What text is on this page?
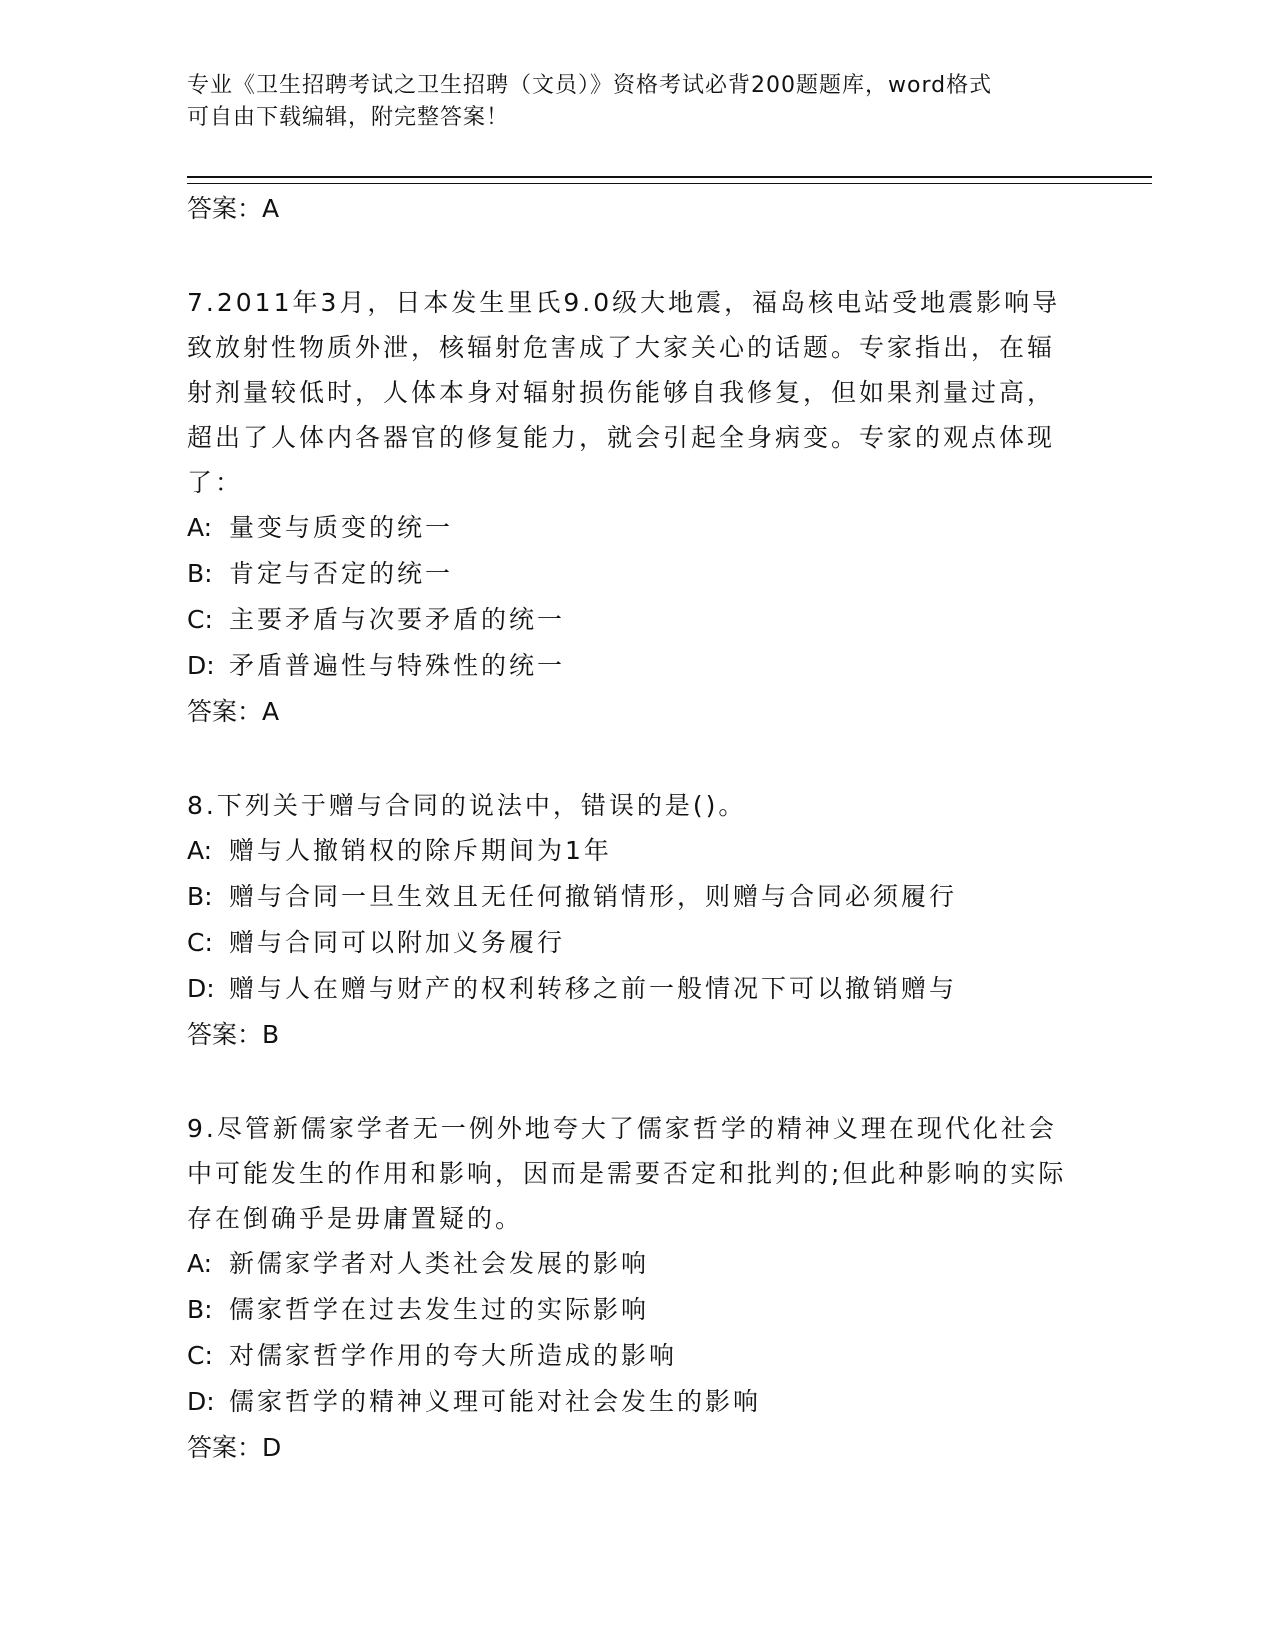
专业《卫生招聘考试之卫生招聘（文员）》资格考试必背200题题库，word格式
可自由下载编辑，附完整答案！
答案：A

7.2011年3月，日本发生里氏9.0级大地震，福岛核电站受地震影响导致放射性物质外泄，核辐射危害成了大家关心的话题。专家指出，在辐射剂量较低时，人体本身对辐射损伤能够自我修复，但如果剂量过高，超出了人体内各器官的修复能力，就会引起全身病变。专家的观点体现了：

A: 量变与质变的统一
B: 肯定与否定的统一
C: 主要矛盾与次要矛盾的统一
D: 矛盾普遍性与特殊性的统一
答案：A

8.下列关于赠与合同的说法中，错误的是()。

A: 赠与人撤销权的除斥期间为1年
B: 赠与合同一旦生效且无任何撤销情形，则赠与合同必须履行
C: 赠与合同可以附加义务履行
D: 赠与人在赠与财产的权利转移之前一般情况下可以撤销赠与
答案：B

9.尽管新儒家学者无一例外地夸大了儒家哲学的精神义理在现代化社会中可能发生的作用和影响，因而是需要否定和批判的;但此种影响的实际存在倒确乎是毋庸置疑的。

A: 新儒家学者对人类社会发展的影响
B: 儒家哲学在过去发生过的实际影响
C: 对儒家哲学作用的夸大所造成的影响
D: 儒家哲学的精神义理可能对社会发生的影响
答案：D
